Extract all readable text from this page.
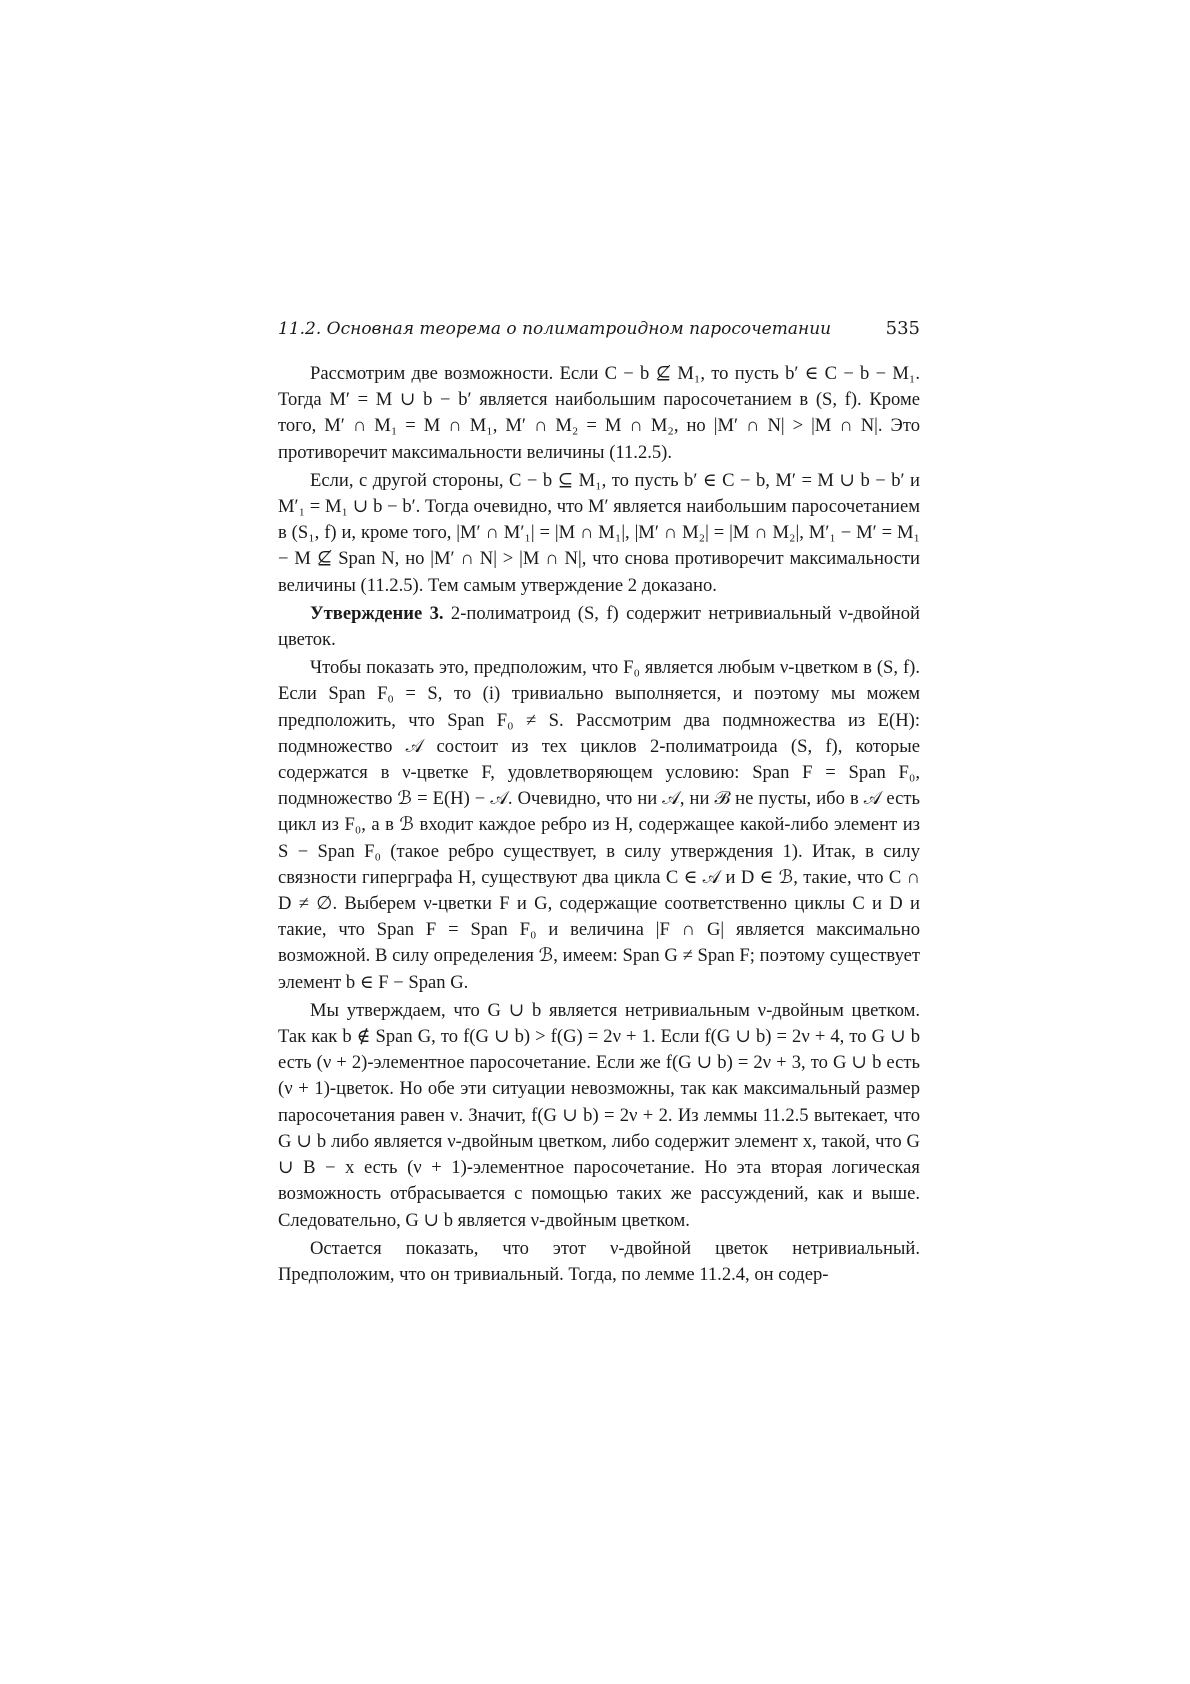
11.2. Основная теорема о полиматроидном паросочетании	535

Рассмотрим две возможности. Если C − b ⊈ M₁, то пусть b′ ∈ C − b − M₁. Тогда M′ = M ∪ b − b′ является наибольшим паросочетанием в (S, f). Кроме того, M′ ∩ M₁ = M ∩ M₁, M′ ∩ M₂ = M ∩ M₂, но |M′ ∩ N| > |M ∩ N|. Это противоречит максимальности величины (11.2.5).

Если, с другой стороны, C − b ⊆ M₁, то пусть b′ ∈ C − b, M′ = M ∪ b − b′ и M′₁ = M₁ ∪ b − b′. Тогда очевидно, что M′ является наибольшим паросочетанием в (S₁, f) и, кроме того, |M′ ∩ M′₁| = |M ∩ M₁|, |M′ ∩ M₂| = |M ∩ M₂|, M′₁ − M′ = M₁ − M ⊈ Span N, но |M′ ∩ N| > |M ∩ N|, что снова противоречит максимальности величины (11.2.5). Тем самым утверждение 2 доказано.

Утверждение 3. 2-полиматроид (S, f) содержит нетривиальный ν-двойной цветок.

Чтобы показать это, предположим, что F₀ является любым ν-цветком в (S, f). Если Span F₀ = S, то (i) тривиально выполняется, и поэтому мы можем предположить, что Span F₀ ≠ S. Рассмотрим два подмножества из E(H): подмножество 𝒜 состоит из тех циклов 2-полиматроида (S, f), которые содержатся в ν-цветке F, удовлетворяющем условию: Span F = Span F₀, подмножество ℬ = E(H) − 𝒜. Очевидно, что ни 𝒜, ни ℬ не пусты, ибо в 𝒜 есть цикл из F₀, а в ℬ входит каждое ребро из H, содержащее какой-либо элемент из S − Span F₀ (такое ребро существует, в силу утверждения 1). Итак, в силу связности гиперграфа H, существуют два цикла C ∈ 𝒜 и D ∈ ℬ, такие, что C ∩ D ≠ ∅. Выберем ν-цветки F и G, содержащие соответственно циклы C и D и такие, что Span F = Span F₀ и величина |F ∩ G| является максимально возможной. В силу определения ℬ, имеем: Span G ≠ Span F; поэтому существует элемент b ∈ F − Span G.

Мы утверждаем, что G ∪ b является нетривиальным ν-двойным цветком. Так как b ∉ Span G, то f(G ∪ b) > f(G) = 2ν + 1. Если f(G ∪ b) = 2ν + 4, то G ∪ b есть (ν + 2)-элементное паросочетание. Если же f(G ∪ b) = 2ν + 3, то G ∪ b есть (ν + 1)-цветок. Но обе эти ситуации невозможны, так как максимальный размер паросочетания равен ν. Значит, f(G ∪ b) = 2ν + 2. Из леммы 11.2.5 вытекает, что G ∪ b либо является ν-двойным цветком, либо содержит элемент x, такой, что G ∪ B − x есть (ν + 1)-элементное паросочетание. Но эта вторая логическая возможность отбрасывается с помощью таких же рассуждений, как и выше. Следовательно, G ∪ b является ν-двойным цветком.

Остается показать, что этот ν-двойной цветок нетривиальный. Предположим, что он тривиальный. Тогда, по лемме 11.2.4, он содер-
